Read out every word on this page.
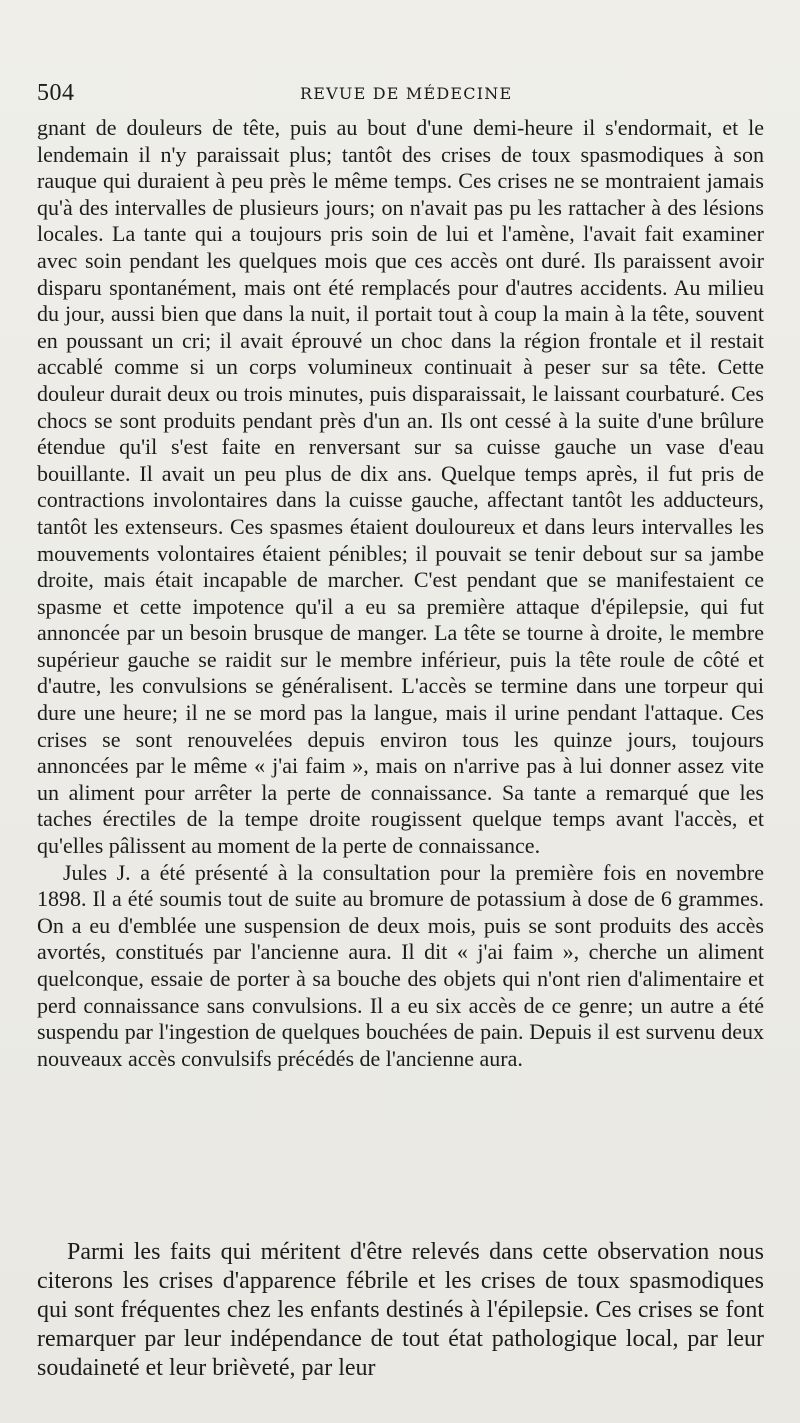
504	REVUE DE MÉDECINE

gnant de douleurs de tête, puis au bout d'une demi-heure il s'endormait, et le lendemain il n'y paraissait plus; tantôt des crises de toux spasmodiques à son rauque qui duraient à peu près le même temps. Ces crises ne se montraient jamais qu'à des intervalles de plusieurs jours; on n'avait pas pu les rattacher à des lésions locales. La tante qui a toujours pris soin de lui et l'amène, l'avait fait examiner avec soin pendant les quelques mois que ces accès ont duré. Ils paraissent avoir disparu spontanément, mais ont été remplacés pour d'autres accidents. Au milieu du jour, aussi bien que dans la nuit, il portait tout à coup la main à la tête, souvent en poussant un cri; il avait éprouvé un choc dans la région frontale et il restait accablé comme si un corps volumineux continuait à peser sur sa tête. Cette douleur durait deux ou trois minutes, puis disparaissait, le laissant courbaturé. Ces chocs se sont produits pendant près d'un an. Ils ont cessé à la suite d'une brûlure étendue qu'il s'est faite en renversant sur sa cuisse gauche un vase d'eau bouillante. Il avait un peu plus de dix ans. Quelque temps après, il fut pris de contractions involontaires dans la cuisse gauche, affectant tantôt les adducteurs, tantôt les extenseurs. Ces spasmes étaient douloureux et dans leurs intervalles les mouvements volontaires étaient pénibles; il pouvait se tenir debout sur sa jambe droite, mais était incapable de marcher. C'est pendant que se manifestaient ce spasme et cette impotence qu'il a eu sa première attaque d'épilepsie, qui fut annoncée par un besoin brusque de manger. La tête se tourne à droite, le membre supérieur gauche se raidit sur le membre inférieur, puis la tête roule de côté et d'autre, les convulsions se généralisent. L'accès se termine dans une torpeur qui dure une heure; il ne se mord pas la langue, mais il urine pendant l'attaque. Ces crises se sont renouvelées depuis environ tous les quinze jours, toujours annoncées par le même « j'ai faim », mais on n'arrive pas à lui donner assez vite un aliment pour arrêter la perte de connaissance. Sa tante a remarqué que les taches érectiles de la tempe droite rougissent quelque temps avant l'accès, et qu'elles pâlissent au moment de la perte de connaissance.

Jules J. a été présenté à la consultation pour la première fois en novembre 1898. Il a été soumis tout de suite au bromure de potassium à dose de 6 grammes. On a eu d'emblée une suspension de deux mois, puis se sont produits des accès avortés, constitués par l'ancienne aura. Il dit « j'ai faim », cherche un aliment quelconque, essaie de porter à sa bouche des objets qui n'ont rien d'alimentaire et perd connaissance sans convulsions. Il a eu six accès de ce genre; un autre a été suspendu par l'ingestion de quelques bouchées de pain. Depuis il est survenu deux nouveaux accès convulsifs précédés de l'ancienne aura.

Parmi les faits qui méritent d'être relevés dans cette observation nous citerons les crises d'apparence fébrile et les crises de toux spasmodiques qui sont fréquentes chez les enfants destinés à l'épilepsie. Ces crises se font remarquer par leur indépendance de tout état pathologique local, par leur soudaineté et leur brièveté, par leur
